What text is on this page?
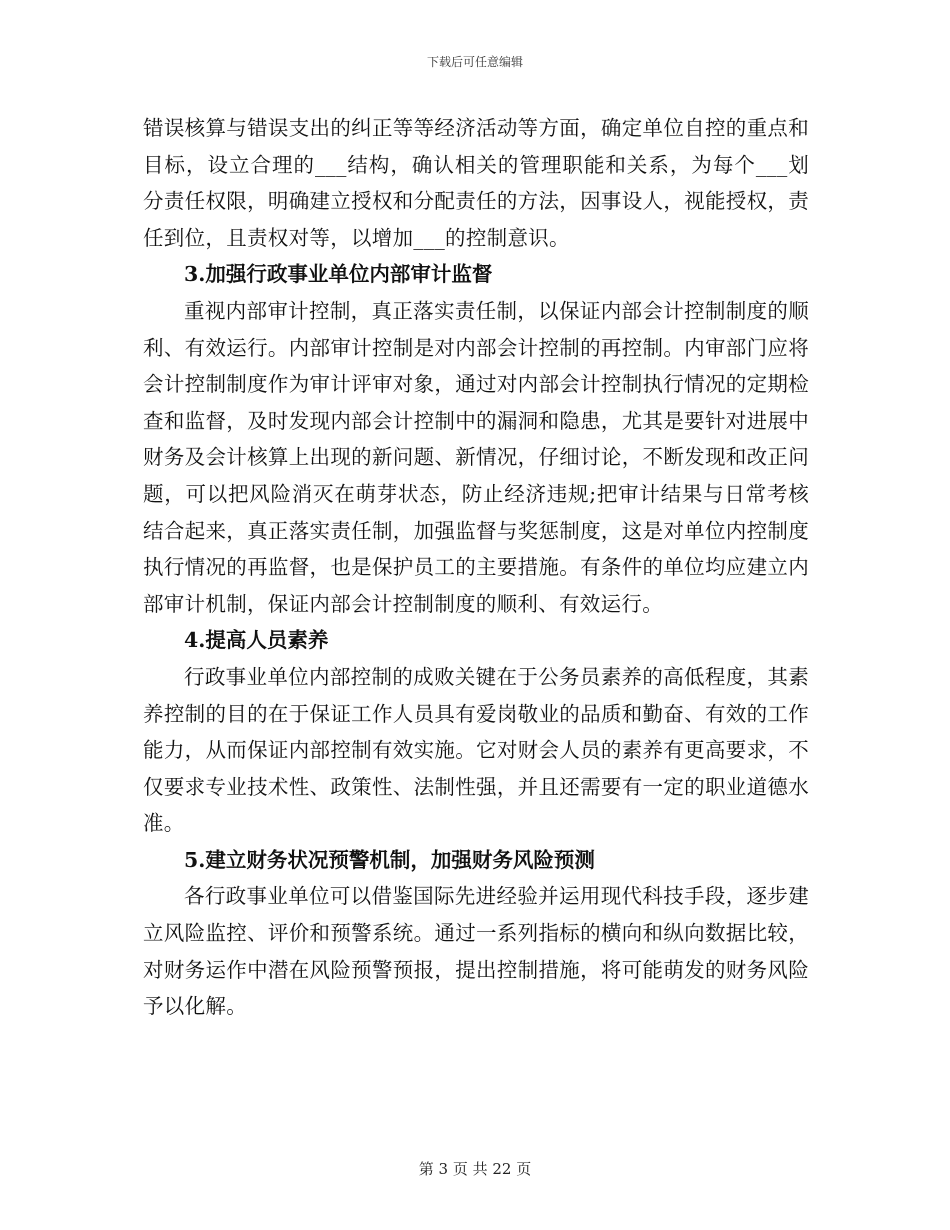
下载后可任意编辑

错误核算与错误支出的纠正等等经济活动等方面，确定单位自控的重点和目标，设立合理的___结构，确认相关的管理职能和关系，为每个___划分责任权限，明确建立授权和分配责任的方法，因事设人，视能授权，责任到位，且责权对等，以增加___的控制意识。

3.加强行政事业单位内部审计监督

重视内部审计控制，真正落实责任制，以保证内部会计控制制度的顺利、有效运行。内部审计控制是对内部会计控制的再控制。内审部门应将会计控制制度作为审计评审对象，通过对内部会计控制执行情况的定期检查和监督，及时发现内部会计控制中的漏洞和隐患，尤其是要针对进展中财务及会计核算上出现的新问题、新情况，仔细讨论，不断发现和改正问题，可以把风险消灭在萌芽状态，防止经济违规;把审计结果与日常考核结合起来，真正落实责任制，加强监督与奖惩制度，这是对单位内控制度执行情况的再监督，也是保护员工的主要措施。有条件的单位均应建立内部审计机制，保证内部会计控制制度的顺利、有效运行。

4.提高人员素养

行政事业单位内部控制的成败关键在于公务员素养的高低程度，其素养控制的目的在于保证工作人员具有爱岗敬业的品质和勤奋、有效的工作能力，从而保证内部控制有效实施。它对财会人员的素养有更高要求，不仅要求专业技术性、政策性、法制性强，并且还需要有一定的职业道德水准。

5.建立财务状况预警机制，加强财务风险预测

各行政事业单位可以借鉴国际先进经验并运用现代科技手段，逐步建立风险监控、评价和预警系统。通过一系列指标的横向和纵向数据比较，对财务运作中潜在风险预警预报，提出控制措施，将可能萌发的财务风险予以化解。

第 3 页 共 22 页
